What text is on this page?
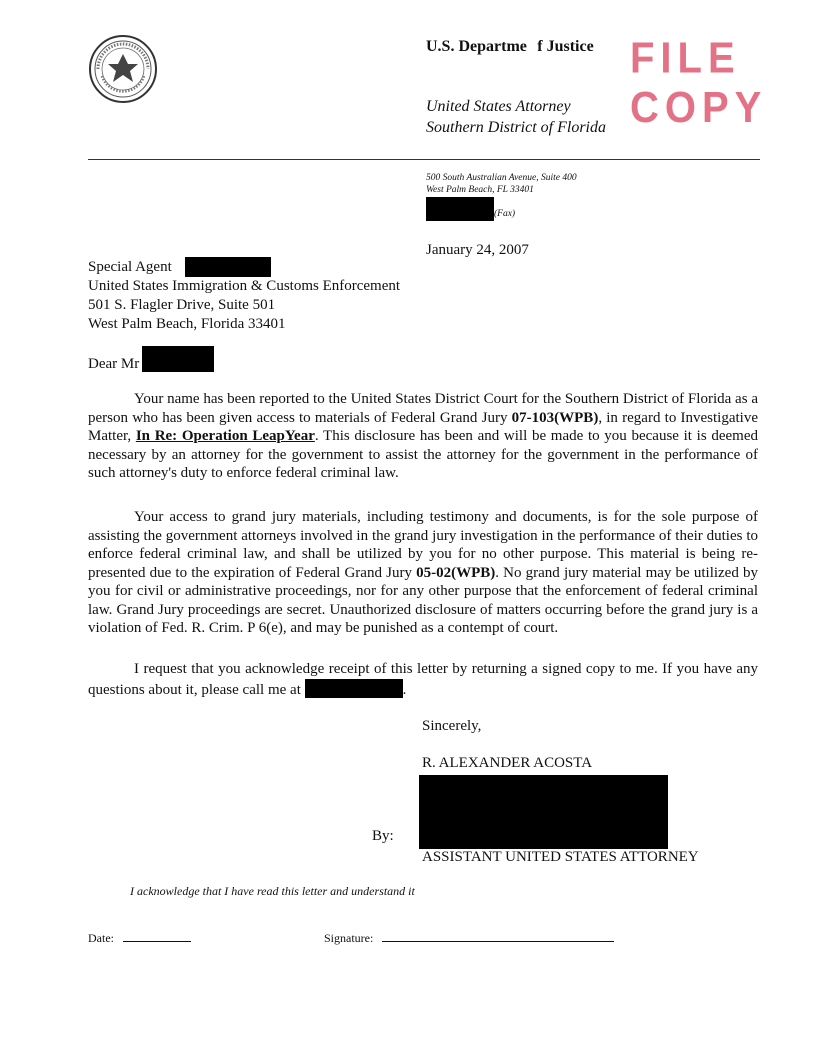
U.S. Departme   f Justice
United States Attorney
Southern District of Florida
FILE COPY
500 South Australian Avenue, Suite 400
West Palm Beach, FL 33401
(Fax)
January 24, 2007
Special Agent
United States Immigration & Customs Enforcement
501 S. Flagler Drive, Suite 501
West Palm Beach, Florida 33401
Dear Mr
Your name has been reported to the United States District Court for the Southern District of Florida as a person who has been given access to materials of Federal Grand Jury 07-103(WPB), in regard to Investigative Matter, In Re: Operation LeapYear. This disclosure has been and will be made to you because it is deemed necessary by an attorney for the government to assist the attorney for the government in the performance of such attorney's duty to enforce federal criminal law.
Your access to grand jury materials, including testimony and documents, is for the sole purpose of assisting the government attorneys involved in the grand jury investigation in the performance of their duties to enforce federal criminal law, and shall be utilized by you for no other purpose. This material is being re-presented due to the expiration of Federal Grand Jury 05-02(WPB). No grand jury material may be utilized by you for civil or administrative proceedings, nor for any other purpose that the enforcement of federal criminal law. Grand Jury proceedings are secret. Unauthorized disclosure of matters occurring before the grand jury is a violation of Fed. R. Crim. P 6(e), and may be punished as a contempt of court.
I request that you acknowledge receipt of this letter by returning a signed copy to me. If you have any questions about it, please call me at	.
Sincerely,
R. ALEXANDER ACOSTA
By:
ASSISTANT UNITED STATES ATTORNEY
I acknowledge that I have read this letter and understand it
Date:	Signature:
